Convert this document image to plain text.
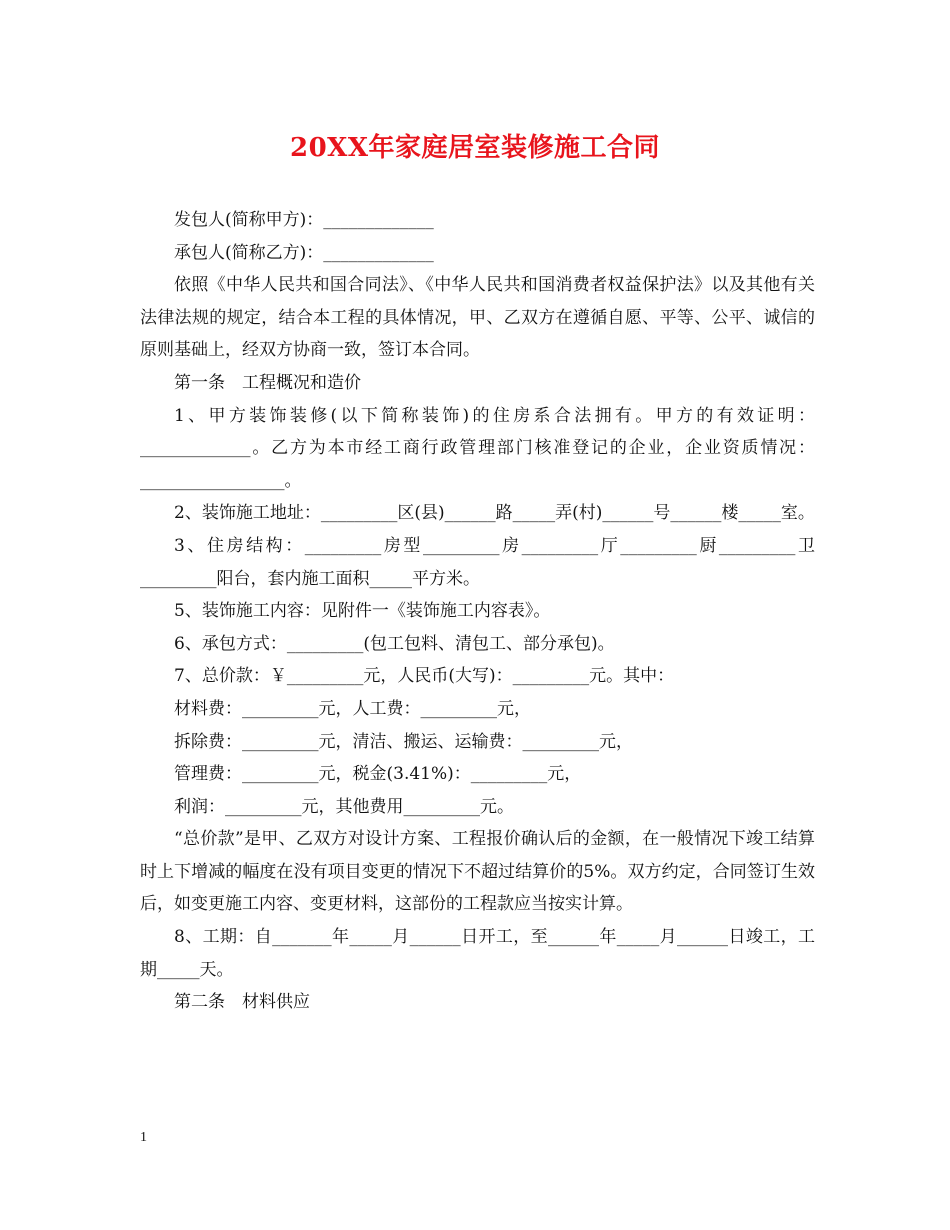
20XX年家庭居室装修施工合同
发包人(简称甲方)：_____________
承包人(简称乙方)：_____________
依照《中华人民共和国合同法》、《中华人民共和国消费者权益保护法》以及其他有关法律法规的规定，结合本工程的具体情况，甲、乙双方在遵循自愿、平等、公平、诚信的原则基础上，经双方协商一致，签订本合同。
第一条　工程概况和造价
1、甲方装饰装修(以下简称装饰)的住房系合法拥有。甲方的有效证明：_____________。乙方为本市经工商行政管理部门核准登记的企业，企业资质情况：_________________。
2、装饰施工地址：_________区(县)______路_____弄(村)______号______楼_____室。
3、住房结构：_________房型_________房_________厅_________厨_________卫_________阳台，套内施工面积_____平方米。
5、装饰施工内容：见附件一《装饰施工内容表》。
6、承包方式：_________(包工包料、清包工、部分承包)。
7、总价款：￥_________元，人民币(大写)：_________元。其中：
材料费：_________元，人工费：_________元，
拆除费：_________元，清洁、搬运、运输费：_________元，
管理费：_________元，税金(3.41%)：_________元，
利润：_________元，其他费用_________元。
“总价款”是甲、乙双方对设计方案、工程报价确认后的金额，在一般情况下竣工结算时上下增减的幅度在没有项目变更的情况下不超过结算价的5%。双方约定，合同签订生效后，如变更施工内容、变更材料，这部份的工程款应当按实计算。
8、工期：自_______年_____月______日开工，至______年_____月______日竣工，工期_____天。
第二条　材料供应
1
